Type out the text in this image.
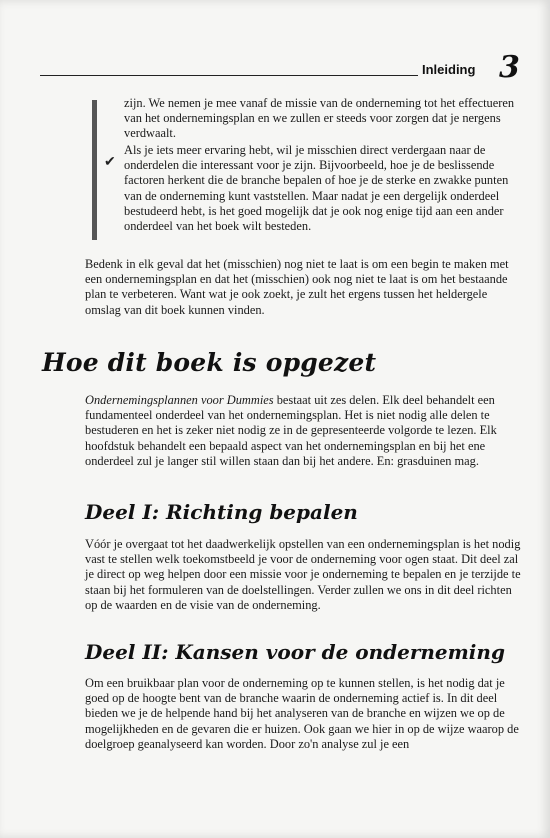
Inleiding 3
zijn. We nemen je mee vanaf de missie van de onderneming tot het effectueren van het ondernemingsplan en we zullen er steeds voor zorgen dat je nergens verdwaalt.
✔
Als je iets meer ervaring hebt, wil je misschien direct verdergaan naar de onderdelen die interessant voor je zijn. Bijvoorbeeld, hoe je de beslissende factoren herkent die de branche bepalen of hoe je de sterke en zwakke punten van de onderneming kunt vaststellen. Maar nadat je een dergelijk onderdeel bestudeerd hebt, is het goed mogelijk dat je ook nog enige tijd aan een ander onderdeel van het boek wilt besteden.
Bedenk in elk geval dat het (misschien) nog niet te laat is om een begin te maken met een ondernemingsplan en dat het (misschien) ook nog niet te laat is om het bestaande plan te verbeteren. Want wat je ook zoekt, je zult het ergens tussen het heldergele omslag van dit boek kunnen vinden.
Hoe dit boek is opgezet
Ondernemingsplannen voor Dummies bestaat uit zes delen. Elk deel behandelt een fundamenteel onderdeel van het ondernemingsplan. Het is niet nodig alle delen te bestuderen en het is zeker niet nodig ze in de gepresenteerde volgorde te lezen. Elk hoofdstuk behandelt een bepaald aspect van het ondernemingsplan en bij het ene onderdeel zul je langer stil willen staan dan bij het andere. En: grasduinen mag.
Deel I: Richting bepalen
Vóór je overgaat tot het daadwerkelijk opstellen van een ondernemingsplan is het nodig vast te stellen welk toekomstbeeld je voor de onderneming voor ogen staat. Dit deel zal je direct op weg helpen door een missie voor je onderneming te bepalen en je terzijde te staan bij het formuleren van de doelstellingen. Verder zullen we ons in dit deel richten op de waarden en de visie van de onderneming.
Deel II: Kansen voor de onderneming
Om een bruikbaar plan voor de onderneming op te kunnen stellen, is het nodig dat je goed op de hoogte bent van de branche waarin de onderneming actief is. In dit deel bieden we je de helpende hand bij het analyseren van de branche en wijzen we op de mogelijkheden en de gevaren die er huizen. Ook gaan we hier in op de wijze waarop de doelgroep geanalyseerd kan worden. Door zo'n analyse zul je een
